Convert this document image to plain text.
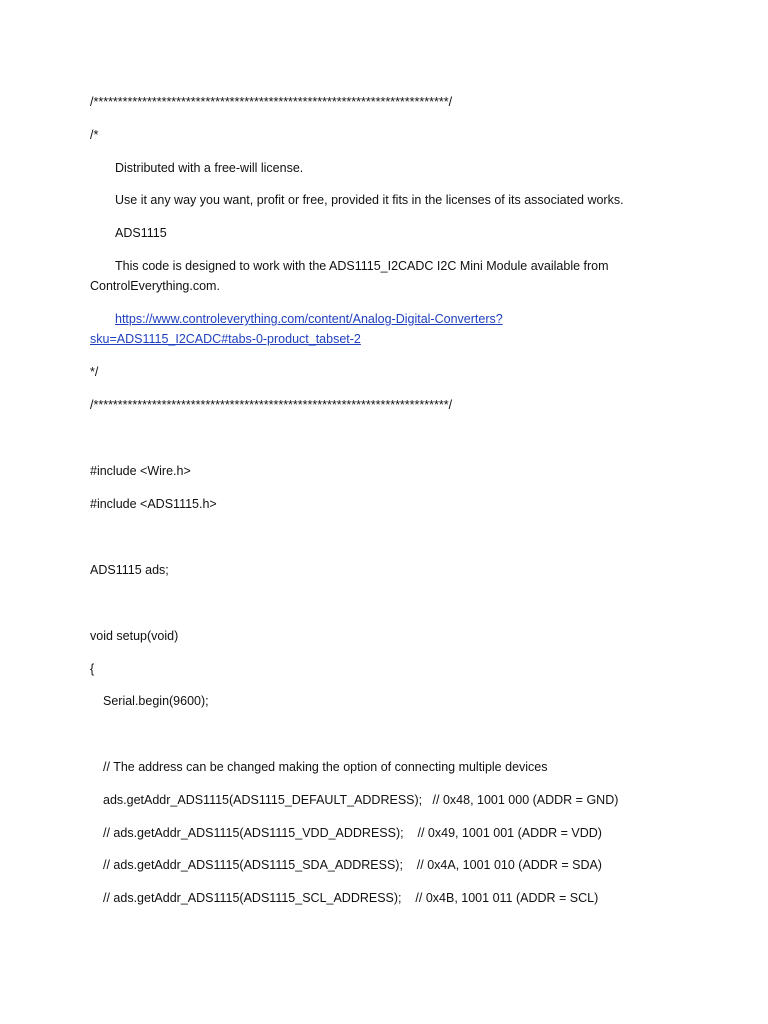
/*************************************************************************/
/*
Distributed with a free-will license.
Use it any way you want, profit or free, provided it fits in the licenses of its associated works.
ADS1115
This code is designed to work with the ADS1115_I2CADC I2C Mini Module available from
ControlEverything.com.
https://www.controleverything.com/content/Analog-Digital-Converters?
sku=ADS1115_I2CADC#tabs-0-product_tabset-2
*/
/*************************************************************************/
#include <Wire.h>
#include <ADS1115.h>
ADS1115 ads;
void setup(void)
{
Serial.begin(9600);
// The address can be changed making the option of connecting multiple devices
ads.getAddr_ADS1115(ADS1115_DEFAULT_ADDRESS);   // 0x48, 1001 000 (ADDR = GND)
// ads.getAddr_ADS1115(ADS1115_VDD_ADDRESS);    // 0x49, 1001 001 (ADDR = VDD)
// ads.getAddr_ADS1115(ADS1115_SDA_ADDRESS);    // 0x4A, 1001 010 (ADDR = SDA)
// ads.getAddr_ADS1115(ADS1115_SCL_ADDRESS);    // 0x4B, 1001 011 (ADDR = SCL)
